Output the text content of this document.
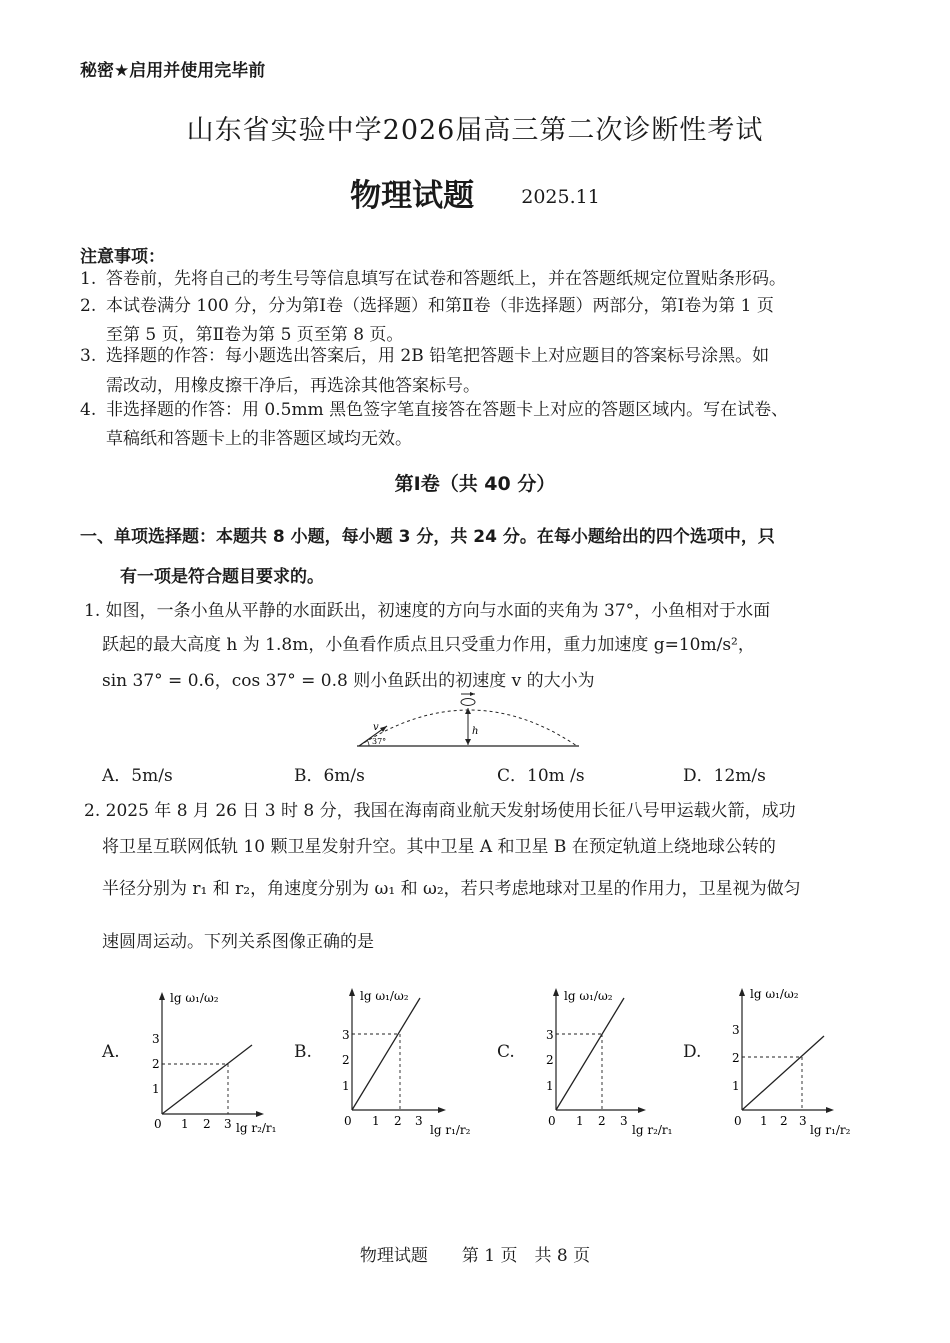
秘密★启用并使用完毕前
山东省实验中学2026届高三第二次诊断性考试
物理试题 2025.11
注意事项：
1. 答卷前，先将自己的考生号等信息填写在试卷和答题纸上，并在答题纸规定位置贴条形码。
2. 本试卷满分 100 分，分为第Ⅰ卷（选择题）和第Ⅱ卷（非选择题）两部分，第Ⅰ卷为第 1 页
至第 5 页，第Ⅱ卷为第 5 页至第 8 页。
3. 选择题的作答：每小题选出答案后，用 2B 铅笔把答题卡上对应题目的答案标号涂黑。如
需改动，用橡皮擦干净后，再选涂其他答案标号。
4. 非选择题的作答：用 0.5mm 黑色签字笔直接答在答题卡上对应的答题区域内。写在试卷、
草稿纸和答题卡上的非答题区域均无效。
第Ⅰ卷（共 40 分）
一、单项选择题：本题共 8 小题，每小题 3 分，共 24 分。在每小题给出的四个选项中，只
有一项是符合题目要求的。
1. 如图，一条小鱼从平静的水面跃出，初速度的方向与水面的夹角为 37°，小鱼相对于水面
跃起的最大高度 h 为 1.8m，小鱼看作质点且只受重力作用，重力加速度 g=10m/s²，
sin 37° = 0.6，cos 37° = 0.8 则小鱼跃出的初速度 v 的大小为
v
37°
h
A．5m/s	B．6m/s	C．10m /s	D．12m/s
2. 2025 年 8 月 26 日 3 时 8 分，我国在海南商业航天发射场使用长征八号甲运载火箭，成功
将卫星互联网低轨 10 颗卫星发射升空。其中卫星 A 和卫星 B 在预定轨道上绕地球公转的
半径分别为 r₁ 和 r₂，角速度分别为 ω₁ 和 ω₂，若只考虑地球对卫星的作用力，卫星视为做匀
速圆周运动。下列关系图像正确的是
A.
lg ω₁/ω₂
lg r₂/r₁
0 1 2 3
1
2
3
B.
lg ω₁/ω₂
lg r₁/r₂
0 1 2 3
1
2
3
C.
lg ω₁/ω₂
lg r₂/r₁
0 1 2 3
1
2
3
D.
lg ω₁/ω₂
lg r₁/r₂
0 1 2 3
1
2
3
物理试题　　第 1 页　共 8 页
